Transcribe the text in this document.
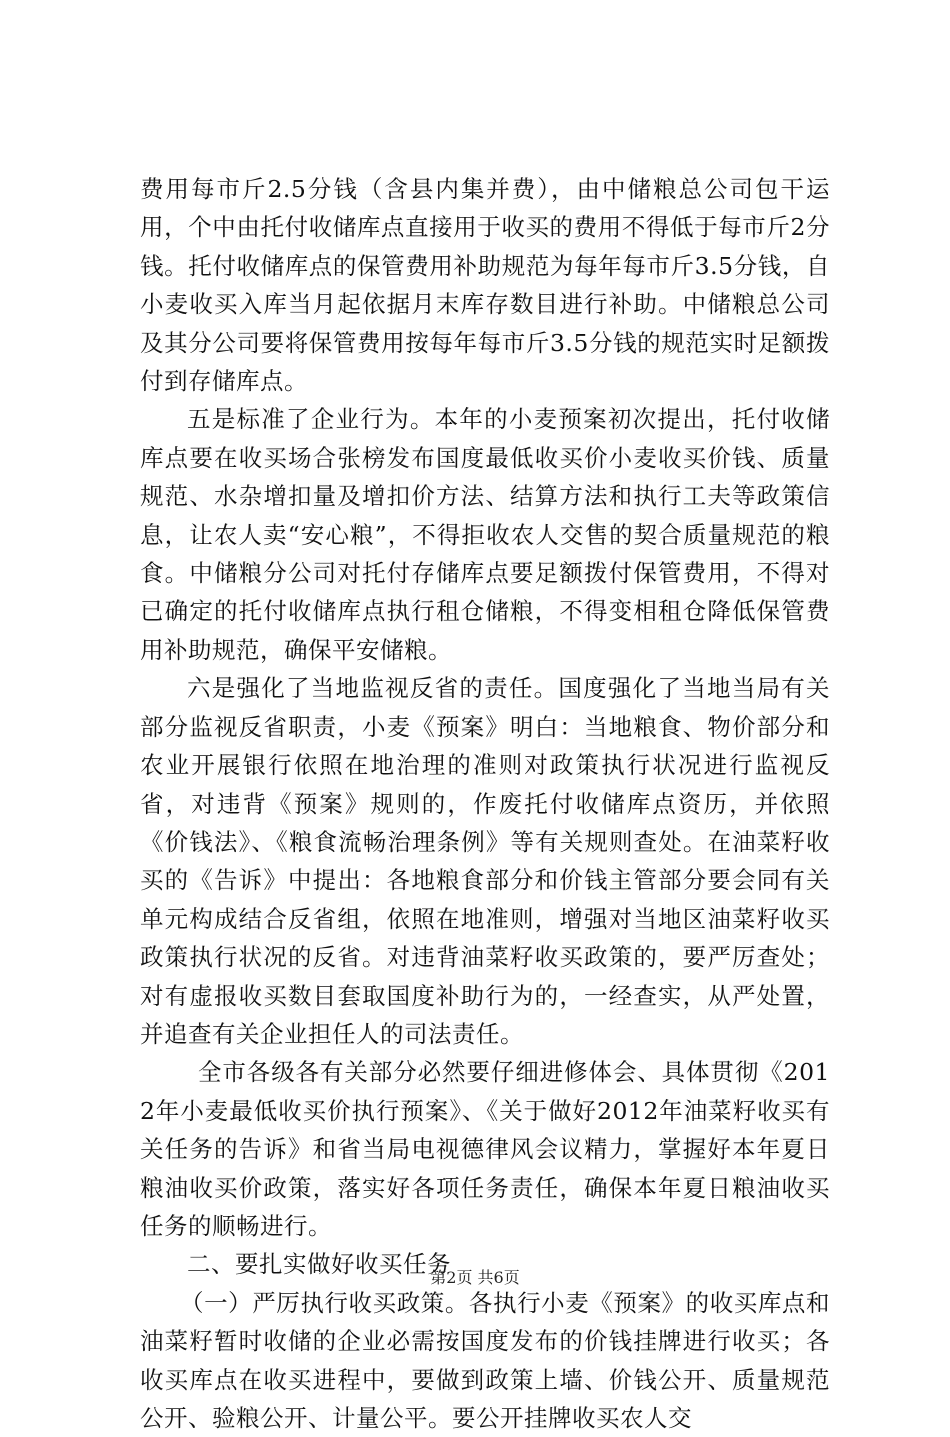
费用每市斤2.5分钱（含县内集并费），由中储粮总公司包干运用，个中由托付收储库点直接用于收买的费用不得低于每市斤2分钱。托付收储库点的保管费用补助规范为每年每市斤3.5分钱，自小麦收买入库当月起依据月末库存数目进行补助。中储粮总公司及其分公司要将保管费用按每年每市斤3.5分钱的规范实时足额拨付到存储库点。

五是标准了企业行为。本年的小麦预案初次提出，托付收储库点要在收买场合张榜发布国度最低收买价小麦收买价钱、质量规范、水杂增扣量及增扣价方法、结算方法和执行工夫等政策信息，让农人卖“安心粮”，不得拒收农人交售的契合质量规范的粮食。中储粮分公司对托付存储库点要足额拨付保管费用，不得对已确定的托付收储库点执行租仓储粮，不得变相租仓降低保管费用补助规范，确保平安储粮。

六是强化了当地监视反省的责任。国度强化了当地当局有关部分监视反省职责，小麦《预案》明白：当地粮食、物价部分和农业开展银行依照在地治理的准则对政策执行状况进行监视反省，对违背《预案》规则的，作废托付收储库点资历，并依照《价钱法》、《粮食流畅治理条例》等有关规则查处。在油菜籽收买的《告诉》中提出：各地粮食部分和价钱主管部分要会同有关单元构成结合反省组，依照在地准则，增强对当地区油菜籽收买政策执行状况的反省。对违背油菜籽收买政策的，要严厉查处；对有虚报收买数目套取国度补助行为的，一经查实，从严处置，并追查有关企业担任人的司法责任。

全市各级各有关部分必然要仔细进修体会、具体贯彻《2012年小麦最低收买价执行预案》、《关于做好2012年油菜籽收买有关任务的告诉》和省当局电视德律风会议精力，掌握好本年夏日粮油收买价政策，落实好各项任务责任，确保本年夏日粮油收买任务的顺畅进行。

二、要扎实做好收买任务

（一）严厉执行收买政策。各执行小麦《预案》的收买库点和油菜籽暂时收储的企业必需按国度发布的价钱挂牌进行收买；各收买库点在收买进程中，要做到政策上墙、价钱公开、质量规范公开、验粮公开、计量公平。要公开挂牌收买农人交

第2页 共6页
